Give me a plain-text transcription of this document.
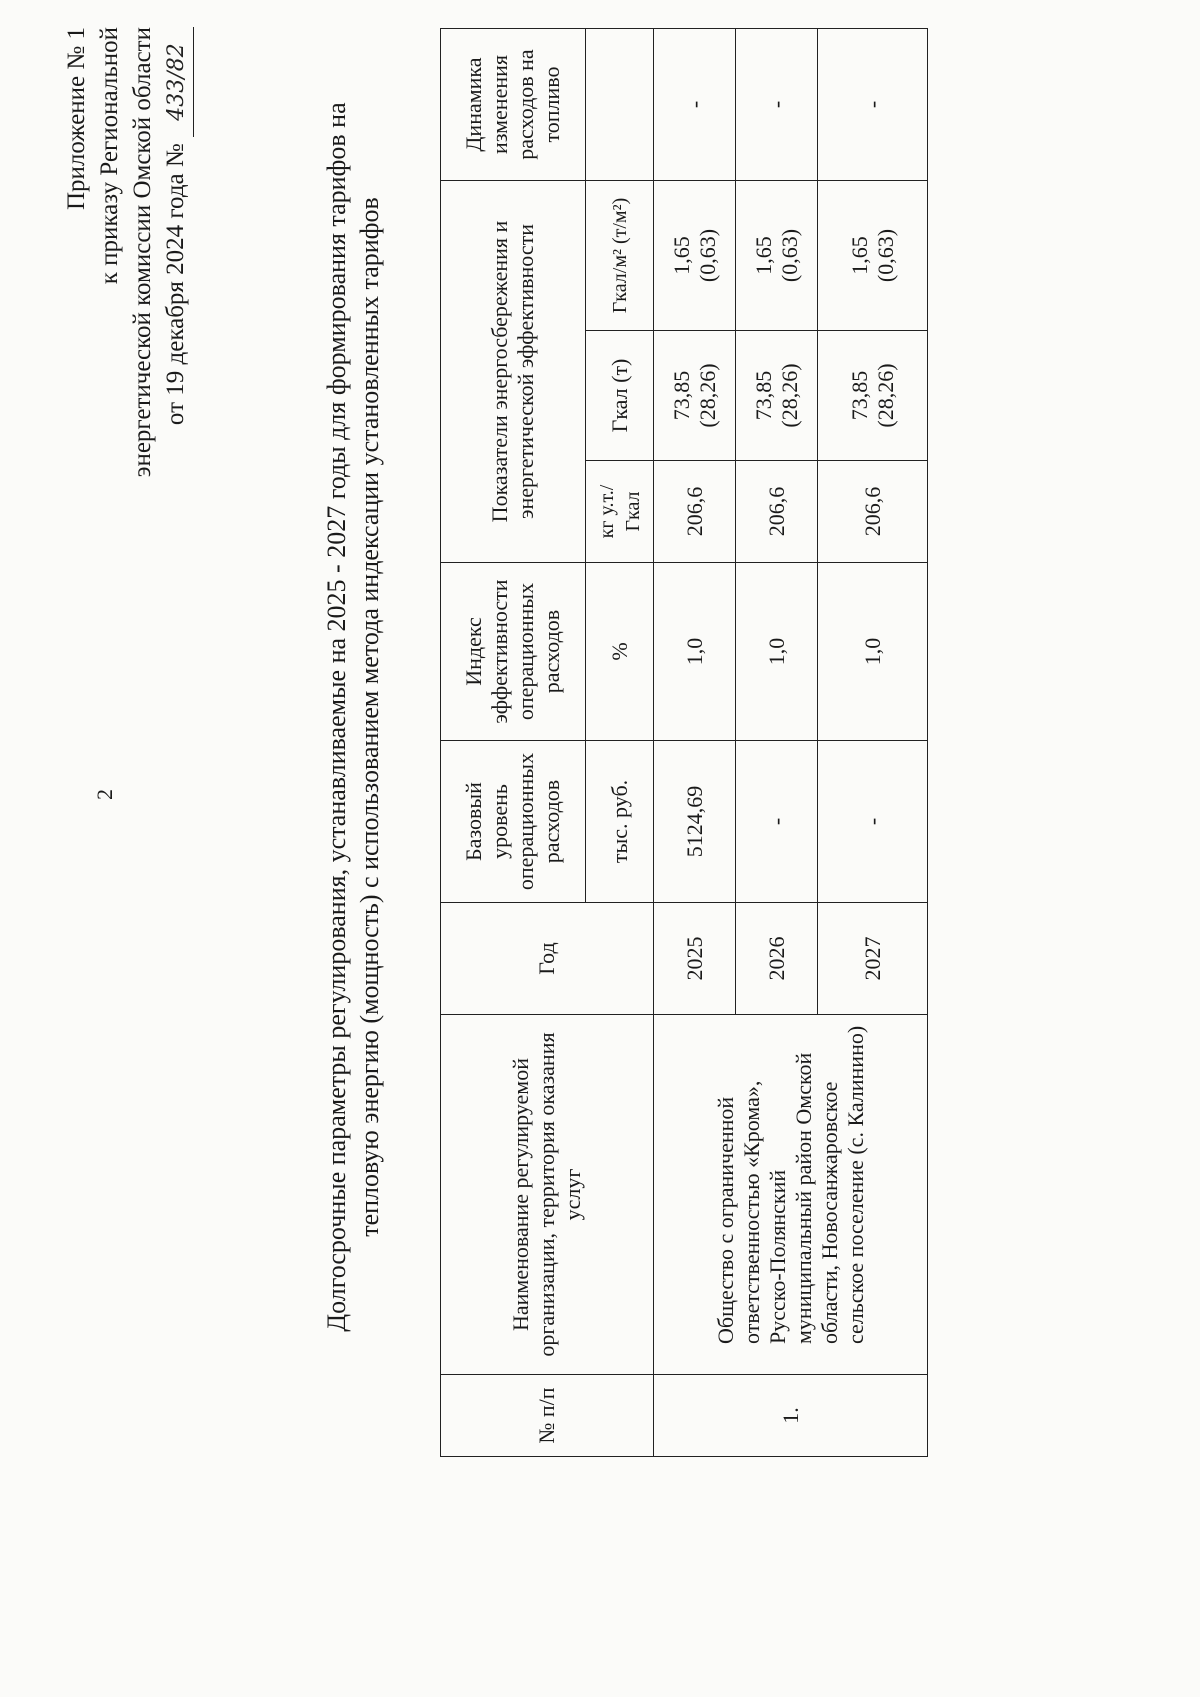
2
Приложение № 1 к приказу Региональной энергетической комиссии Омской области от 19 декабря 2024 года № 433/82
Долгосрочные параметры регулирования, устанавливаемые на 2025 - 2027 годы для формирования тарифов на тепловую энергию (мощность) с использованием метода индексации установленных тарифов
№ п/п	Наименование регулируемой организации, территория оказания услуг	Год	Базовый уровень операционных расходов	Индекс эффективности операционных расходов	Показатели энергосбережения и энергетической эффективности			Динамика изменения расходов на топливо
			тыс. руб.	%	кг у.т./Гкал	Гкал (т)	Гкал/м² (т/м²)	
1.	Общество с ограниченной ответственностью «Крома», Русско-Полянский муниципальный район Омской области, Новосанжаровское сельское поселение (с. Калинино)	2025	5124,69	1,0	206,6	73,85 (28,26)	1,65 (0,63)	-
		2026	-	1,0	206,6	73,85 (28,26)	1,65 (0,63)	-
		2027	-	1,0	206,6	73,85 (28,26)	1,65 (0,63)	-
